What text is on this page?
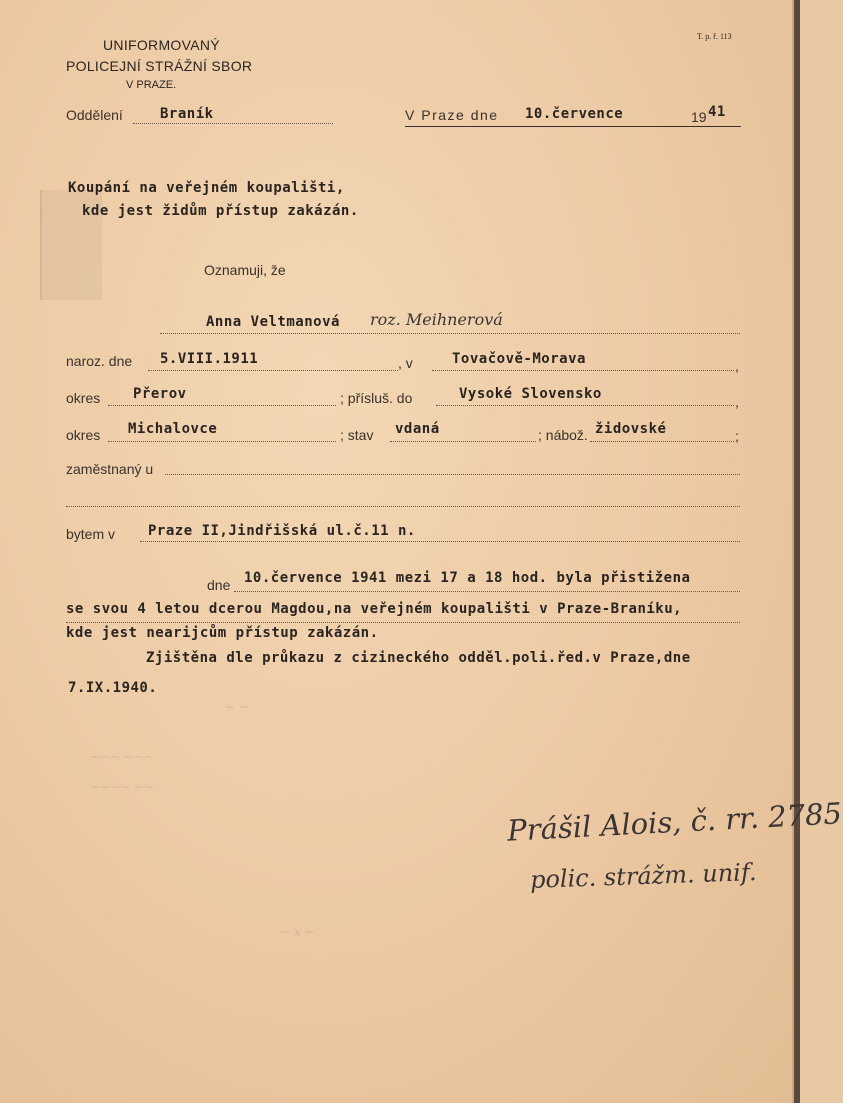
UNIFORMOVANÝ
POLICEJNÍ STRÁŽNÍ SBOR
V PRAZE.
T. p. ř. 113
Oddělení	Braník	V Praze dne 10.července	19 41
Koupání na veřejném koupališti,
kde jest židům přístup zakázán.
Oznamuji, že
Anna Veltmanová roz. Meihnerová
naroz. dne 5.VIII.1911	, v	Tovačově-Morava	,
okres Přerov	; přísluš. do	Vysoké Slovensko	,
okres Michalovce	; stav vdaná	; nábož. židovské	;
zaměstnaný u
bytem v Praze II,Jindřišská ul.č.11 n.
dne 10.července 1941 mezi 17 a 18 hod. byla přistižena
se svou 4 letou dcerou Magdou,na veřejném koupališti v Praze-Braníku,
kde jest nearijcům přístup zakázán.
Zjištěna dle průkazu z cizineckého odděl.poli.řed.v Praze,dne
7.IX.1940.
~ ~
~~~ ~~~
~~~~ ~~
~ x ~
Prášil Alois, č. rr. 2785
polic. strážm. unif.
